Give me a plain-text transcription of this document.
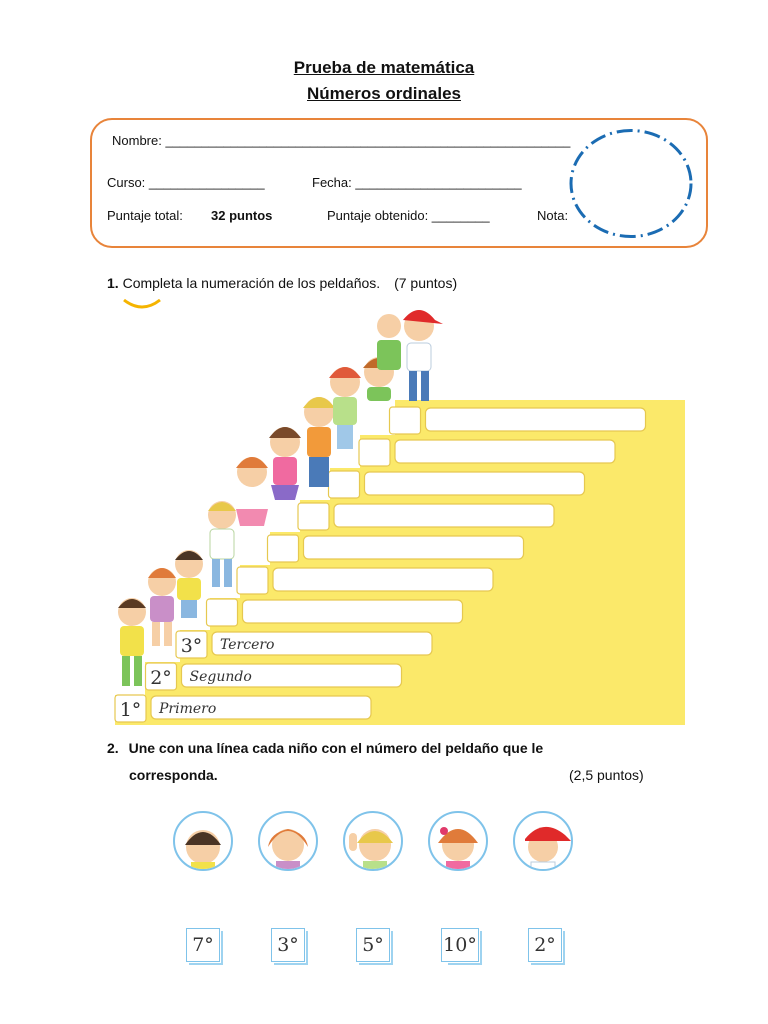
Prueba de matemática
Números ordinales
Nombre: ________________________________________________________
Curso: ________________	Fecha: _______________________
Puntaje total: 32 puntos	Puntaje obtenido: ________	Nota:
1. Completa la numeración de los peldaños. (7 puntos)
1° Primero
2° Segundo
3° Tercero
2. Une con una línea cada niño con el número del peldaño que le
corresponda.	(2,5 puntos)
7°	3°	5°	10°	2°
